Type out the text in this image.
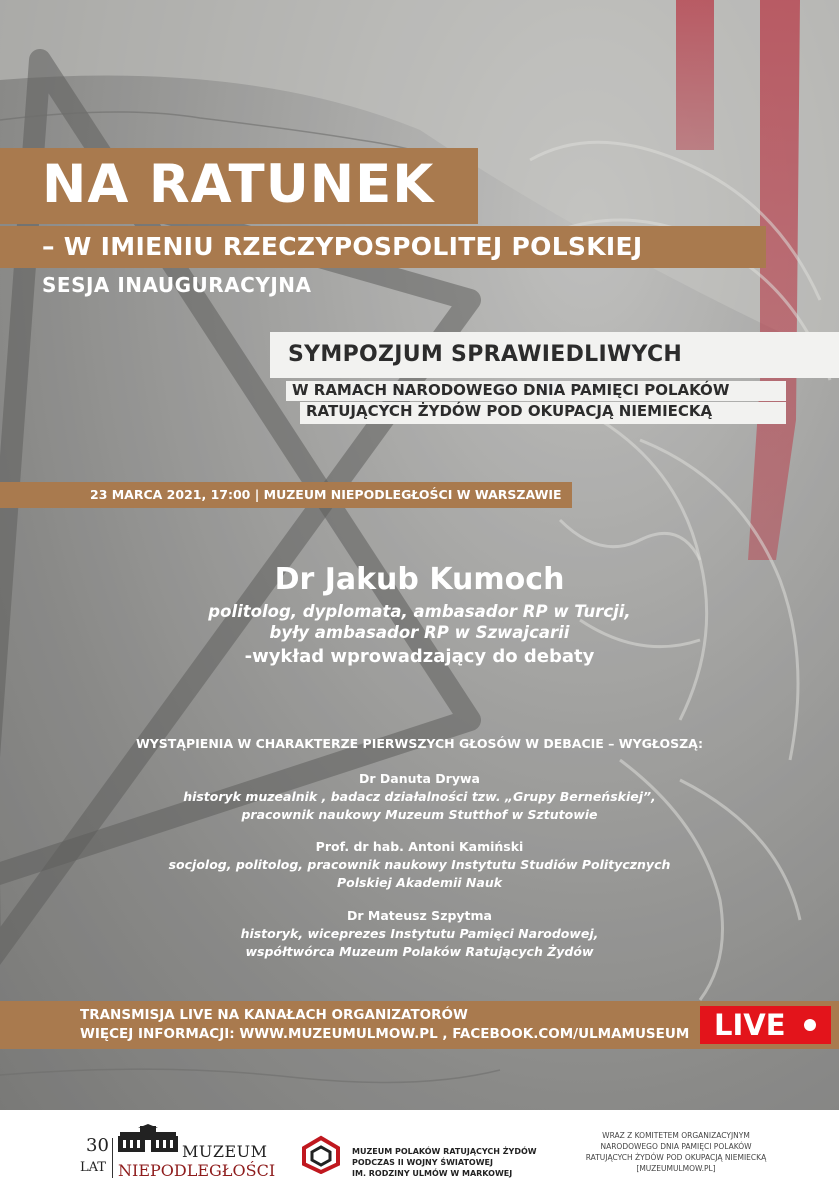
NA RATUNEK
– W IMIENIU RZECZYPOSPOLITEJ POLSKIEJ
SESJA INAUGURACYJNA
SYMPOZJUM SPRAWIEDLIWYCH
W RAMACH NARODOWEGO DNIA PAMIĘCI POLAKÓW
RATUJĄCYCH ŻYDÓW POD OKUPACJĄ NIEMIECKĄ
23 MARCA 2021, 17:00 | MUZEUM NIEPODLEGŁOŚCI W WARSZAWIE
Dr Jakub Kumoch
politolog, dyplomata, ambasador RP w Turcji,
były ambasador RP w Szwajcarii
-wykład wprowadzający do debaty
WYSTĄPIENIA W CHARAKTERZE PIERWSZYCH GŁOSÓW W DEBACIE – WYGŁOSZĄ:
Dr Danuta Drywa
historyk muzealnik , badacz działalności tzw. „Grupy Berneńskiej”,
pracownik naukowy Muzeum Stutthof w Sztutowie
Prof. dr hab. Antoni Kamiński
socjolog, politolog, pracownik naukowy Instytutu Studiów Politycznych
Polskiej Akademii Nauk
Dr Mateusz Szpytma
historyk, wiceprezes Instytutu Pamięci Narodowej,
współtwórca Muzeum Polaków Ratujących Żydów
TRANSMISJA LIVE NA KANAŁACH ORGANIZATORÓW
WIĘCEJ INFORMACJI: WWW.MUZEUMULMOW.PL , FACEBOOK.COM/ULMAMUSEUM LIVE
30
LAT
MUZEUM
NIEPODLEGŁOŚCI
MUZEUM POLAKÓW RATUJĄCYCH ŻYDÓW
PODCZAS II WOJNY ŚWIATOWEJ
IM. RODZINY ULMÓW W MARKOWEJ
WRAZ Z KOMITETEM ORGANIZACYJNYM
NARODOWEGO DNIA PAMIĘCI POLAKÓW
RATUJĄCYCH ŻYDÓW POD OKUPACJĄ NIEMIECKĄ
[MUZEUMULMOW.PL]
